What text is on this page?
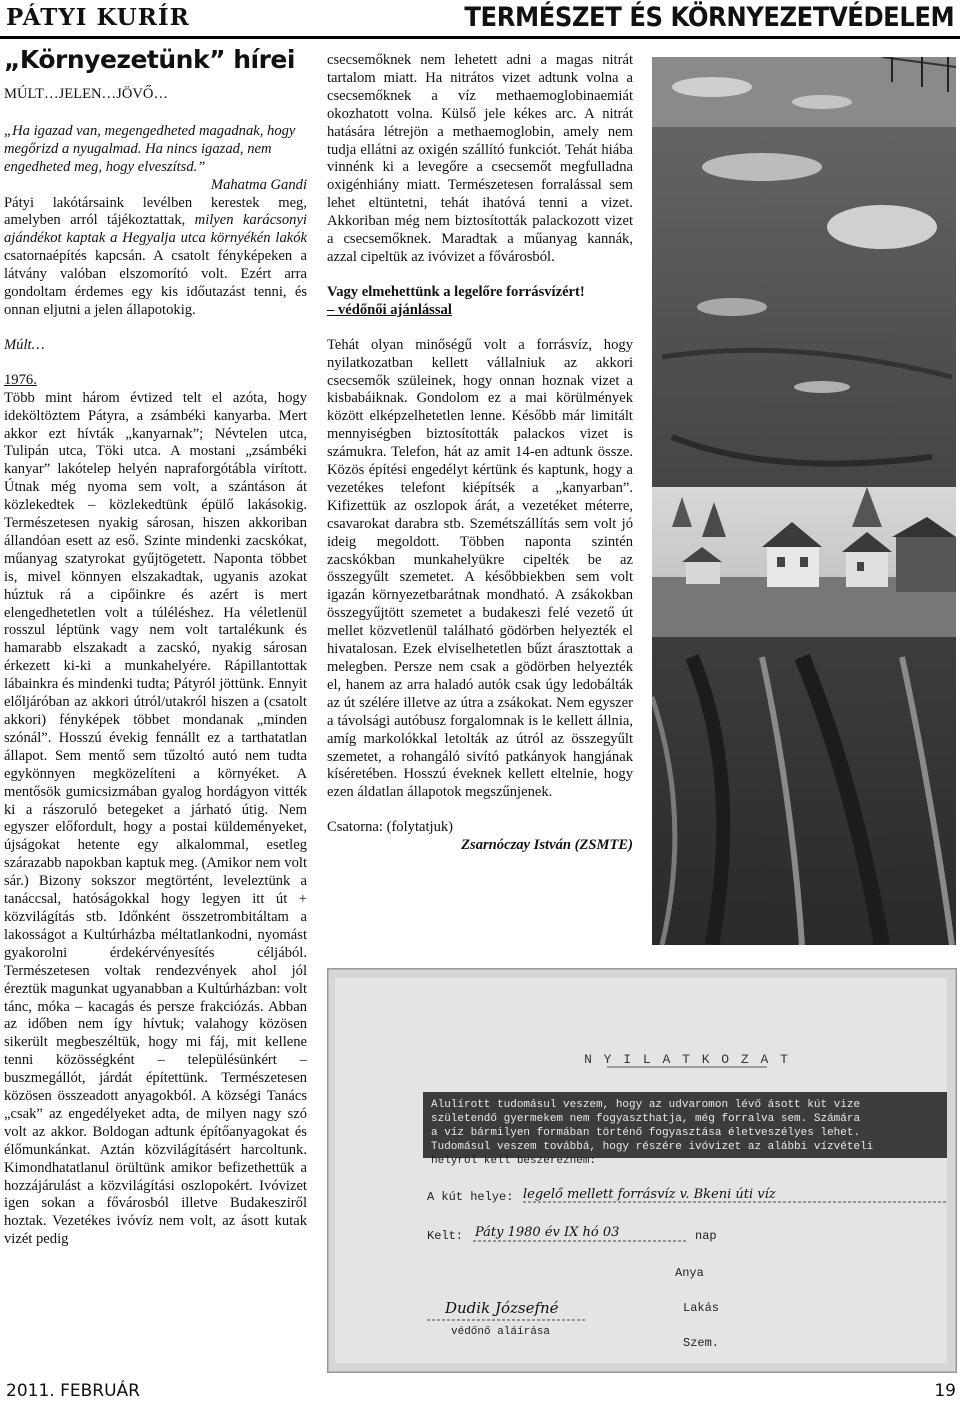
PÁTYI KURÍR	TERMÉSZET ÉS KÖRNYEZETVÉDELEM
„Környezetünk” hírei
MÚLT…JELEN…JÖVŐ…

„Ha igazad van, megengedheted magadnak, hogy megőrizd a nyugalmad. Ha nincs igazad, nem engedheted meg, hogy elveszítsd.”

Mahatma Gandi

Pátyi lakótársaink levélben kerestek meg, amelyben arról tájékoztattak, milyen karácsonyi ajándékot kaptak a Hegyalja utca környékén lakók csatornaépítés kapcsán. A csatolt fényképeken a látvány valóban elszomorító volt. Ezért arra gondoltam érdemes egy kis időutazást tenni, és onnan eljutni a jelen állapotokig.

Múlt…

1976.

Több mint három évtized telt el azóta, hogy ideköltöztem Pátyra, a zsámbéki kanyarba. Mert akkor ezt hívták „kanyarnak”; Névtelen utca, Tulipán utca, Töki utca. A mostani „zsámbéki kanyar” lakótelep helyén napraforgótábla virított. Útnak még nyoma sem volt, a szántáson át közlekedtek – közlekedtünk épülő lakásokig. Természetesen nyakig sárosan, hiszen akkoriban állandóan esett az eső. Szinte mindenki zacskókat, műanyag szatyrokat gyűjtögetett. Naponta többet is, mivel könnyen elszakadtak, ugyanis azokat húztuk rá a cipőinkre és azért is mert elengedhetetlen volt a túléléshez. Ha véletlenül rosszul léptünk vagy nem volt tartalékunk és hamarabb elszakadt a zacskó, nyakig sárosan érkezett ki-ki a munkahelyére. Rápillantottak lábainkra és mindenki tudta; Pátyról jöttünk. Ennyit előljáróban az akkori útról/utakról hiszen a (csatolt akkori) fényképek többet mondanak „minden szónál”. Hosszú évekig fennállt ez a tarthatatlan állapot. Sem mentő sem tűzoltó autó nem tudta egykönnyen megközelíteni a környéket. A mentősök gumicsizmában gyalog hordágyon vitték ki a rászoruló betegeket a járható útig. Nem egyszer előfordult, hogy a postai küldeményeket, újságokat hetente egy alkalommal, esetleg szárazabb napokban kaptuk meg. (Amikor nem volt sár.) Bizony sokszor megtörtént, leveleztünk a tanáccsal, hatóságokkal hogy legyen itt út + közvilágítás stb. Időnként összetrombitáltam a lakosságot a Kultúrházba méltatlankodni, nyomást gyakorolni érdekérvényesítés céljából. Természetesen voltak rendezvények ahol jól éreztük magunkat ugyanabban a Kultúrházban: volt tánc, móka – kacagás és persze frakciózás. Abban az időben nem így hívtuk; valahogy közösen sikerült megbeszéltük, hogy mi fáj, mit kellene tenni közösségként – településünkért – buszmegállót, járdát építettünk. Természetesen közösen összeadott anyagokból. A községi Tanács „csak” az engedélyeket adta, de milyen nagy szó volt az akkor. Boldogan adtunk építőanyagokat és élőmunkánkat. Aztán közvilágításért harcoltunk. Kimondhatatlanul örültünk amikor befizethettük a hozzájárulást a közvilágítási oszlopokért. Ivóvizet igen sokan a fővárosból illetve Budakesziről hoztak. Vezetékes ivóvíz nem volt, az ásott kutak vizét pedig

csecsemőknek nem lehetett adni a magas nitrát tartalom miatt. Ha nitrátos vizet adtunk volna a csecsemőknek a víz methaemoglobinaemiát okozhatott volna. Külső jele kékes arc. A nitrát hatására létrejön a methaemoglobin, amely nem tudja ellátni az oxigén szállító funkciót. Tehát hiába vinnénk ki a levegőre a csecsemőt megfulladna oxigénhiány miatt. Természetesen forralással sem lehet eltüntetni, tehát ihatóvá tenni a vizet. Akkoriban még nem biztosították palackozott vizet a csecsemőknek. Maradtak a műanyag kannák, azzal cipeltük az ivóvizet a fővárosból.

Vagy elmehettünk a legelőre forrásvízért!

– védőnői ajánlással

Tehát olyan minőségű volt a forrásvíz, hogy nyilatkozatban kellett vállalniuk az akkori csecsemők szüleinek, hogy onnan hoznak vizet a kisbabáiknak. Gondolom ez a mai körülmények között elképzelhetetlen lenne. Később már limitált mennyiségben biztosították palackos vizet is számukra. Telefon, hát az amit 14-en adtunk össze. Közös építési engedélyt kértünk és kaptunk, hogy a vezetékes telefont kiépítsék a „kanyarban”. Kifizettük az oszlopok árát, a vezetéket méterre, csavarokat darabra stb. Szemétszállítás sem volt jó ideig megoldott. Többen naponta szintén zacskókban munkahelyükre cipelték be az összegyűlt szemetet. A későbbiekben sem volt igazán környezetbarátnak mondható. A zsákokban összegyűjtött szemetet a budakeszi felé vezető út mellet közvetlenül található gödörben helyezték el hivatalosan. Ezek elviselhetetlen bűzt árasztottak a melegben. Persze nem csak a gödörben helyezték el, hanem az arra haladó autók csak úgy ledobálták az út szélére illetve az útra a zsákokat. Nem egyszer a távolsági autóbusz forgalomnak is le kellett állnia, amíg markolókkal letolták az útról az összegyűlt szemetet, a rohangáló sivító patkányok hangjának kíséretében. Hosszú éveknek kellett eltelnie, hogy ezen áldatlan állapotok megszűnjenek.

Csatorna: (folytatjuk)

Zsarnóczay István (ZSMTE)

N Y I L A T K O Z A T
Alulírott tudomásul veszem, hogy az udvaromon lévő ásott kút vize
születendő gyermekem nem fogyaszthatja, még forralva sem. Számára
a víz bármilyen formában történő fogyasztása életveszélyes lehet.
Tudomásul veszem továbbá, hogy részére ivóvizet az alábbi vízvételi
helyről kell beszereznem:
A kút helye: legelő mellett forrásvíz v. Bkeni úti víz
Kelt: Páty 1980 év IX hó 03	nap
Anya
Dudik Józsefné
védőnő aláírása
Lakás
Szem.
2011. FEBRUÁR	19
